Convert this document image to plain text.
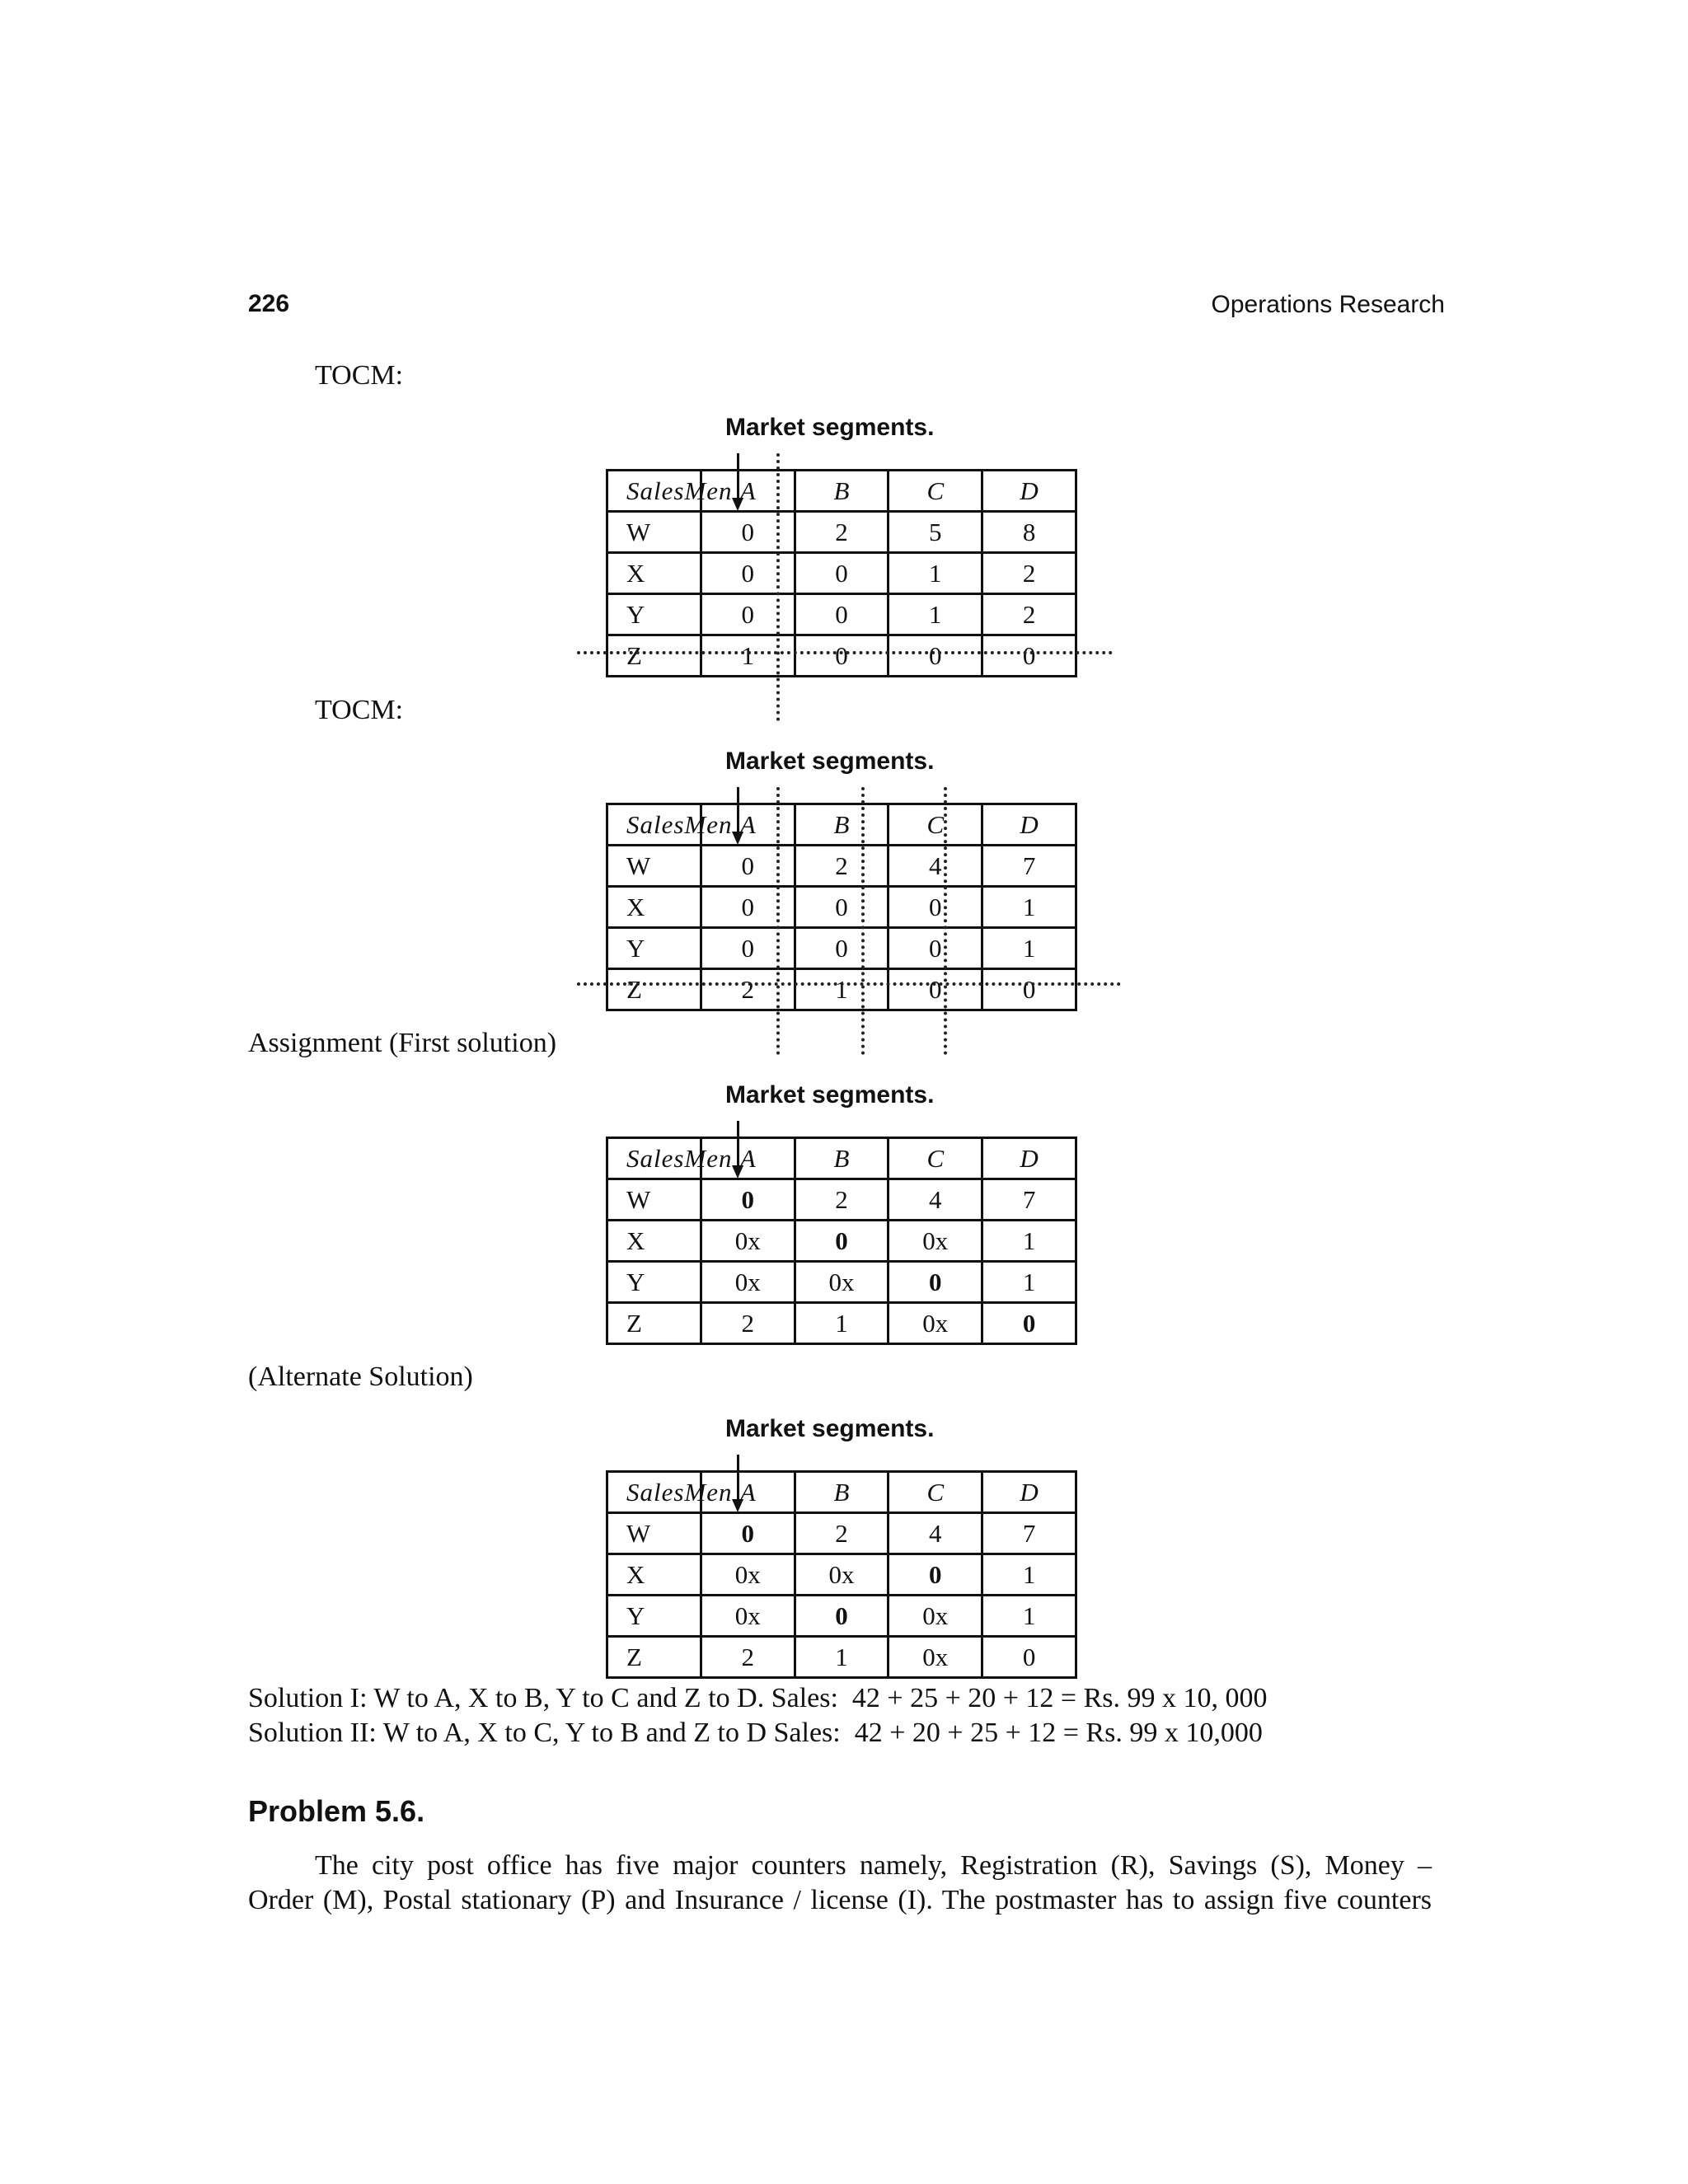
226	Operations Research
TOCM:
Market segments.
SalesMen	A	B	C	D
W	0	2	5	8
X	0	0	1	2
Y	0	0	1	2
Z	1	0	0	0
TOCM:
Market segments.
SalesMen	A	B	C	D
W	0	2	4	7
X	0	0	0	1
Y	0	0	0	1
Z	2	1	0	0
Assignment (First solution)
Market segments.
SalesMen	A	B	C	D
W	0	2	4	7
X	0x	0	0x	1
Y	0x	0x	0	1
Z	2	1	0x	0
(Alternate Solution)
Market segments.
SalesMen	A	B	C	D
W	0	2	4	7
X	0x	0x	0	1
Y	0x	0	0x	1
Z	2	1	0x	0
Solution I: W to A, X to B, Y to C and Z to D. Sales:  42 + 25 + 20 + 12 = Rs. 99 x 10, 000
Solution II: W to A, X to C, Y to B and Z to D Sales:  42 + 20 + 25 + 12 = Rs. 99 x 10,000
Problem 5.6.
The city post office has five major counters namely, Registration (R), Savings (S), Money –
Order (M), Postal stationary (P) and Insurance / license (I). The postmaster has to assign five counters
